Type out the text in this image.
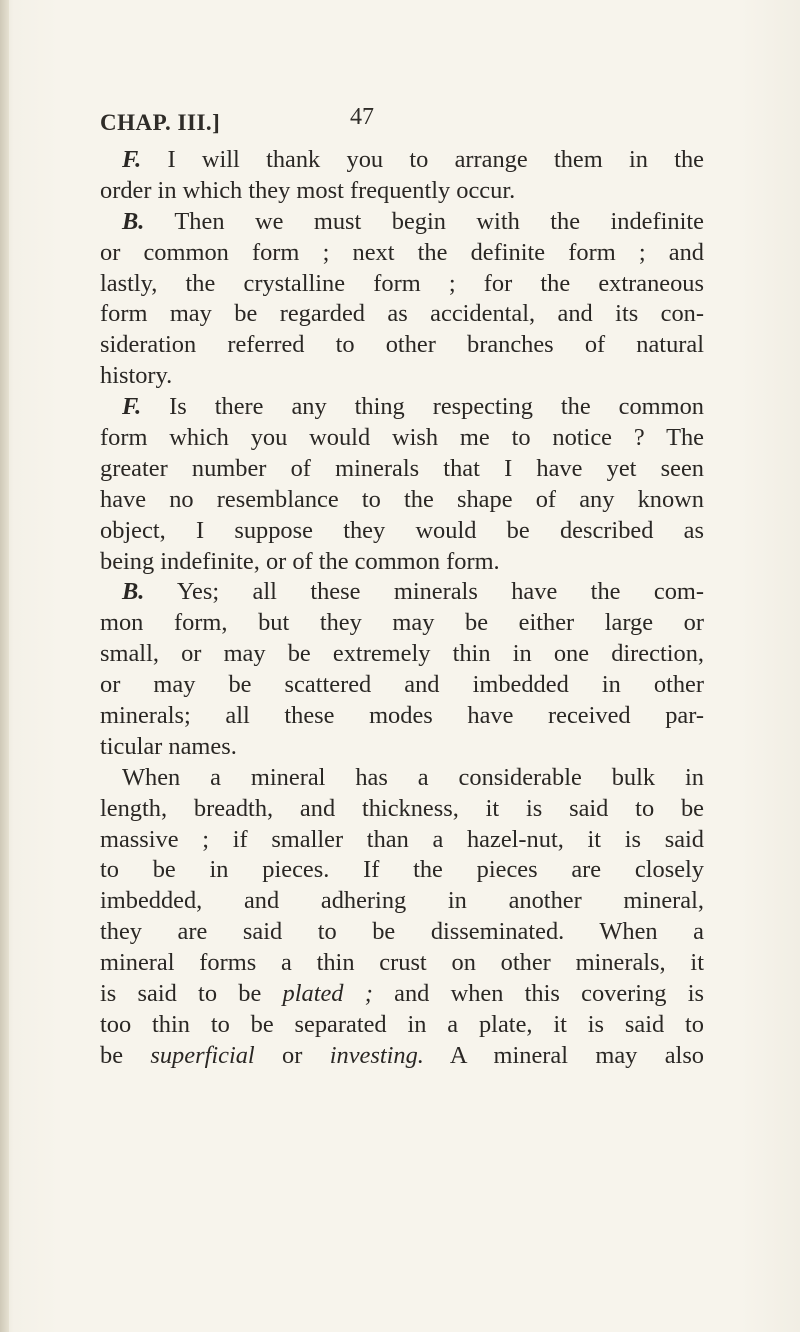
CHAP. III.]	47
F. I will thank you to arrange them in the
order in which they most frequently occur.
B. Then we must begin with the indefinite
or common form ; next the definite form ; and
lastly, the crystalline form ; for the extraneous
form may be regarded as accidental, and its con-
sideration referred to other branches of natural
history.
F. Is there any thing respecting the common
form which you would wish me to notice ? The
greater number of minerals that I have yet seen
have no resemblance to the shape of any known
object, I suppose they would be described as
being indefinite, or of the common form.
B. Yes; all these minerals have the com-
mon form, but they may be either large or
small, or may be extremely thin in one direction,
or may be scattered and imbedded in other
minerals; all these modes have received par-
ticular names.
When a mineral has a considerable bulk in
length, breadth, and thickness, it is said to be
massive ; if smaller than a hazel-nut, it is said
to be in pieces. If the pieces are closely
imbedded, and adhering in another mineral,
they are said to be disseminated. When a
mineral forms a thin crust on other minerals, it
is said to be plated ; and when this covering is
too thin to be separated in a plate, it is said to
be superficial or investing. A mineral may also
